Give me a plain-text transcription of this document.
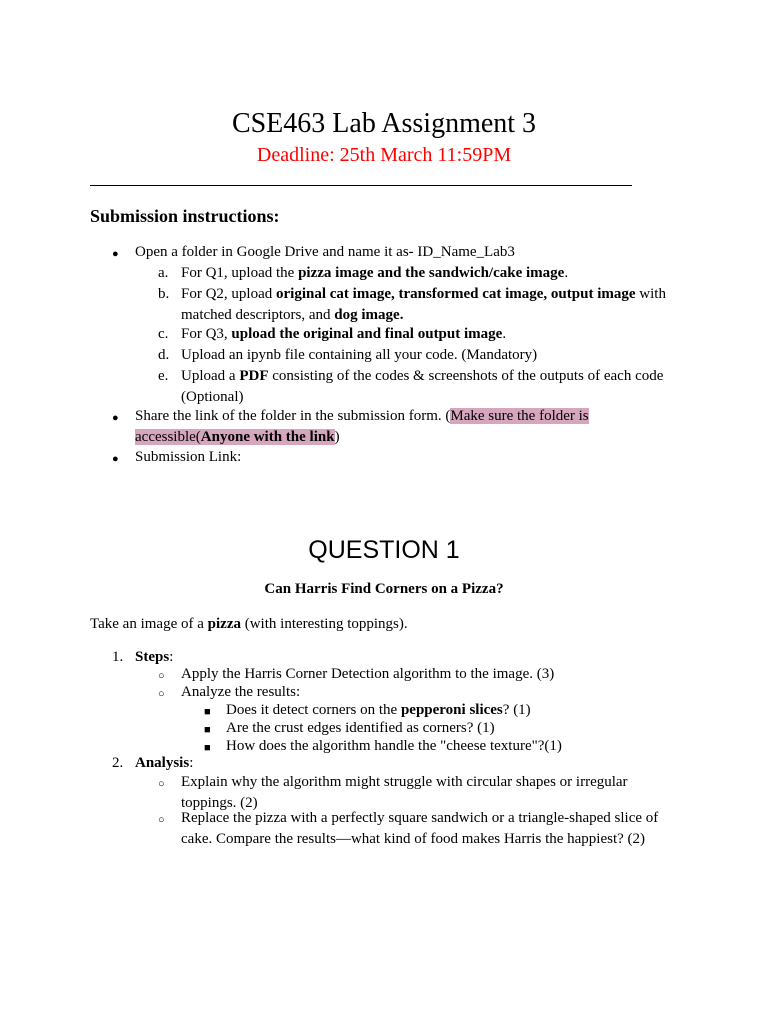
CSE463 Lab Assignment 3
Deadline: 25th March 11:59PM
Submission instructions:
● Open a folder in Google Drive and name it as- ID_Name_Lab3
a. For Q1, upload the pizza image and the sandwich/cake image.
b. For Q2, upload original cat image, transformed cat image, output image with
matched descriptors, and dog image.
c. For Q3, upload the original and final output image.
d. Upload an ipynb file containing all your code. (Mandatory)
e. Upload a PDF consisting of the codes & screenshots of the outputs of each code
(Optional)
● Share the link of the folder in the submission form. (Make sure the folder is
accessible(Anyone with the link)
● Submission Link:
QUESTION 1
Can Harris Find Corners on a Pizza?
Take an image of a pizza (with interesting toppings).
1. Steps:
○ Apply the Harris Corner Detection algorithm to the image. (3)
○ Analyze the results:
■ Does it detect corners on the pepperoni slices? (1)
■ Are the crust edges identified as corners? (1)
■ How does the algorithm handle the "cheese texture"?(1)
2. Analysis:
○ Explain why the algorithm might struggle with circular shapes or irregular
toppings. (2)
○ Replace the pizza with a perfectly square sandwich or a triangle-shaped slice of
cake. Compare the results—what kind of food makes Harris the happiest? (2)
